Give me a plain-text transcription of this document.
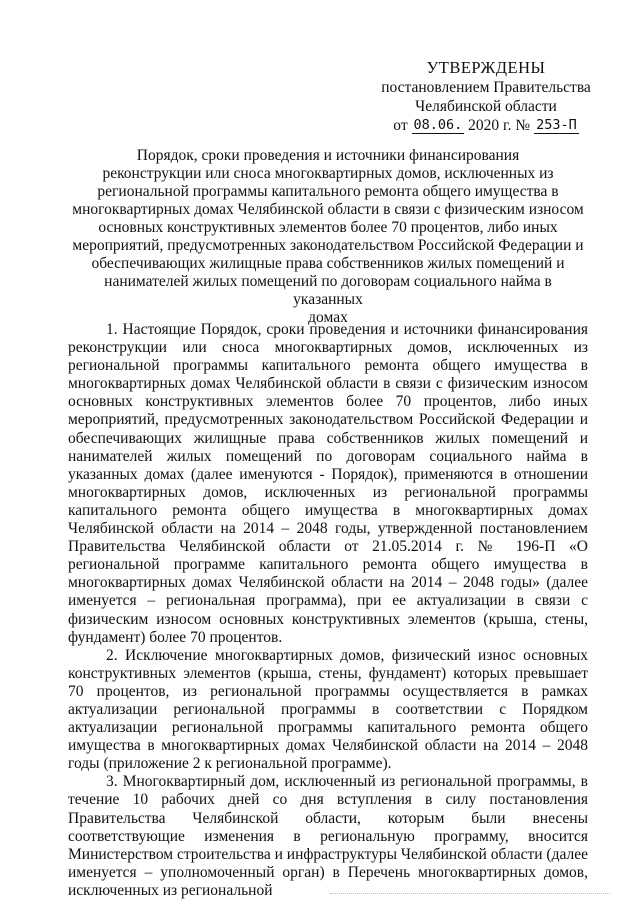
УТВЕРЖДЕНЫ
постановлением Правительства
Челябинской области
от 08.06. 2020 г. № 253-П
Порядок, сроки проведения и источники финансирования
реконструкции или сноса многоквартирных домов, исключенных из
региональной программы капитального ремонта общего имущества в
многоквартирных домах Челябинской области в связи с физическим износом
основных конструктивных элементов более 70 процентов, либо иных
мероприятий, предусмотренных законодательством Российской Федерации и
обеспечивающих жилищные права собственников жилых помещений и
нанимателей жилых помещений по договорам социального найма в указанных
домах

1. Настоящие Порядок, сроки проведения и источники финансирования реконструкции или сноса многоквартирных домов, исключенных из региональной программы капитального ремонта общего имущества в многоквартирных домах Челябинской области в связи с физическим износом основных конструктивных элементов более 70 процентов, либо иных мероприятий, предусмотренных законодательством Российской Федерации и обеспечивающих жилищные права собственников жилых помещений и нанимателей жилых помещений по договорам социального найма в указанных домах (далее именуются - Порядок), применяются в отношении многоквартирных домов, исключенных из региональной программы капитального ремонта общего имущества в многоквартирных домах Челябинской области на 2014 – 2048 годы, утвержденной постановлением Правительства Челябинской области от 21.05.2014 г. № 196-П «О региональной программе капитального ремонта общего имущества в многоквартирных домах Челябинской области на 2014 – 2048 годы» (далее именуется – региональная программа), при ее актуализации в связи с физическим износом основных конструктивных элементов (крыша, стены, фундамент) более 70 процентов.

2. Исключение многоквартирных домов, физический износ основных конструктивных элементов (крыша, стены, фундамент) которых превышает 70 процентов, из региональной программы осуществляется в рамках актуализации региональной программы в соответствии с Порядком актуализации региональной программы капитального ремонта общего имущества в многоквартирных домах Челябинской области на 2014 – 2048 годы (приложение 2 к региональной программе).

3. Многоквартирный дом, исключенный из региональной программы, в течение 10 рабочих дней со дня вступления в силу постановления Правительства Челябинской области, которым были внесены соответствующие изменения в региональную программу, вносится Министерством строительства и инфраструктуры Челябинской области (далее именуется – уполномоченный орган) в Перечень многоквартирных домов, исключенных из региональной
